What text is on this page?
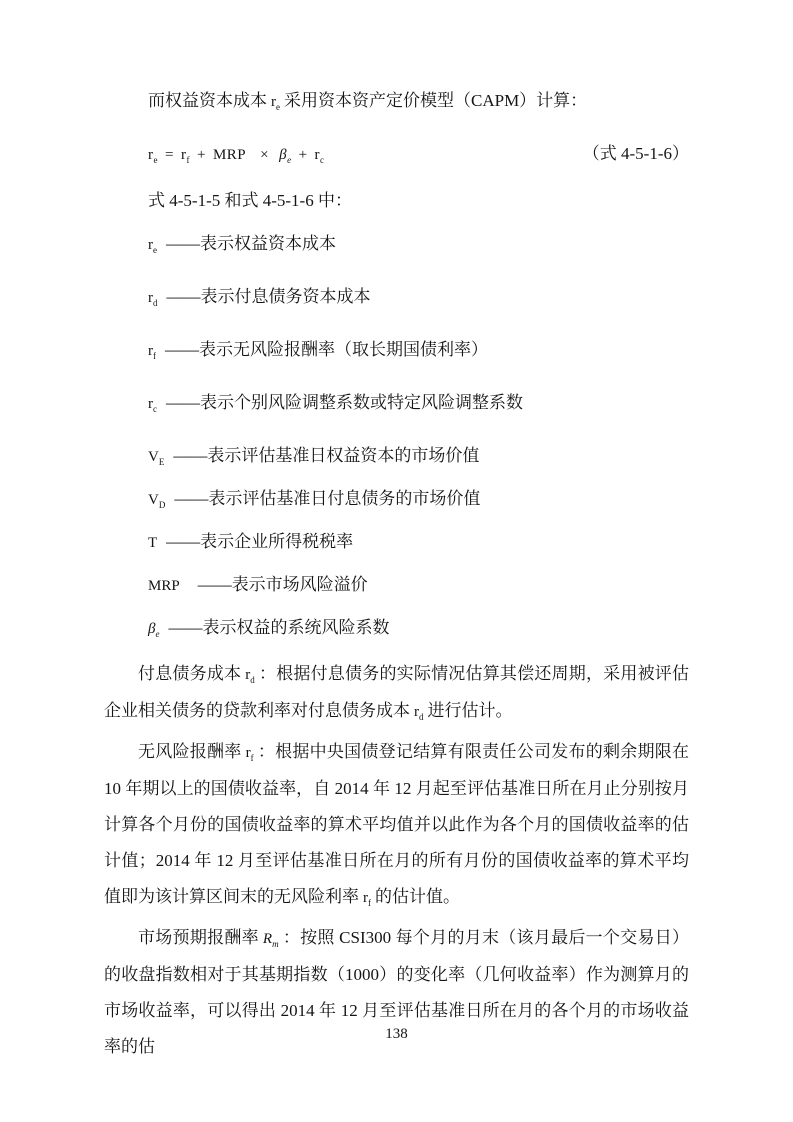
而权益资本成本 $r_e$ 采用资本资产定价模型（CAPM）计算：

$r_e = r_f$ + MRP × $\beta_e + r_c$	（式 4-5-1-6）

式 4-5-1-5 和式 4-5-1-6 中：

$r_e$ ——表示权益资本成本
$r_d$ ——表示付息债务资本成本
$r_f$ ——表示无风险报酬率（取长期国债利率）
$r_c$ ——表示个别风险调整系数或特定风险调整系数
$V_E$ ——表示评估基准日权益资本的市场价值
$V_D$ ——表示评估基准日付息债务的市场价值
T ——表示企业所得税税率
MRP ——表示市场风险溢价
$\beta_e$ ——表示权益的系统风险系数

付息债务成本 $r_d$ ：根据付息债务的实际情况估算其偿还周期，采用被评估企业相关债务的贷款利率对付息债务成本 $r_d$ 进行估计。

无风险报酬率 $r_f$ ：根据中央国债登记结算有限责任公司发布的剩余期限在 10 年期以上的国债收益率，自 2014 年 12 月起至评估基准日所在月止分别按月计算各个月份的国债收益率的算术平均值并以此作为各个月的国债收益率的估计值；2014 年 12 月至评估基准日所在月的所有月份的国债收益率的算术平均值即为该计算区间末的无风险利率 $r_f$ 的估计值。

市场预期报酬率 $R_m$ ：按照 CSI300 每个月的月末（该月最后一个交易日）的收盘指数相对于其基期指数（1000）的变化率（几何收益率）作为测算月的市场收益率，可以得出 2014 年 12 月至评估基准日所在月的各个月的市场收益率的估

138
